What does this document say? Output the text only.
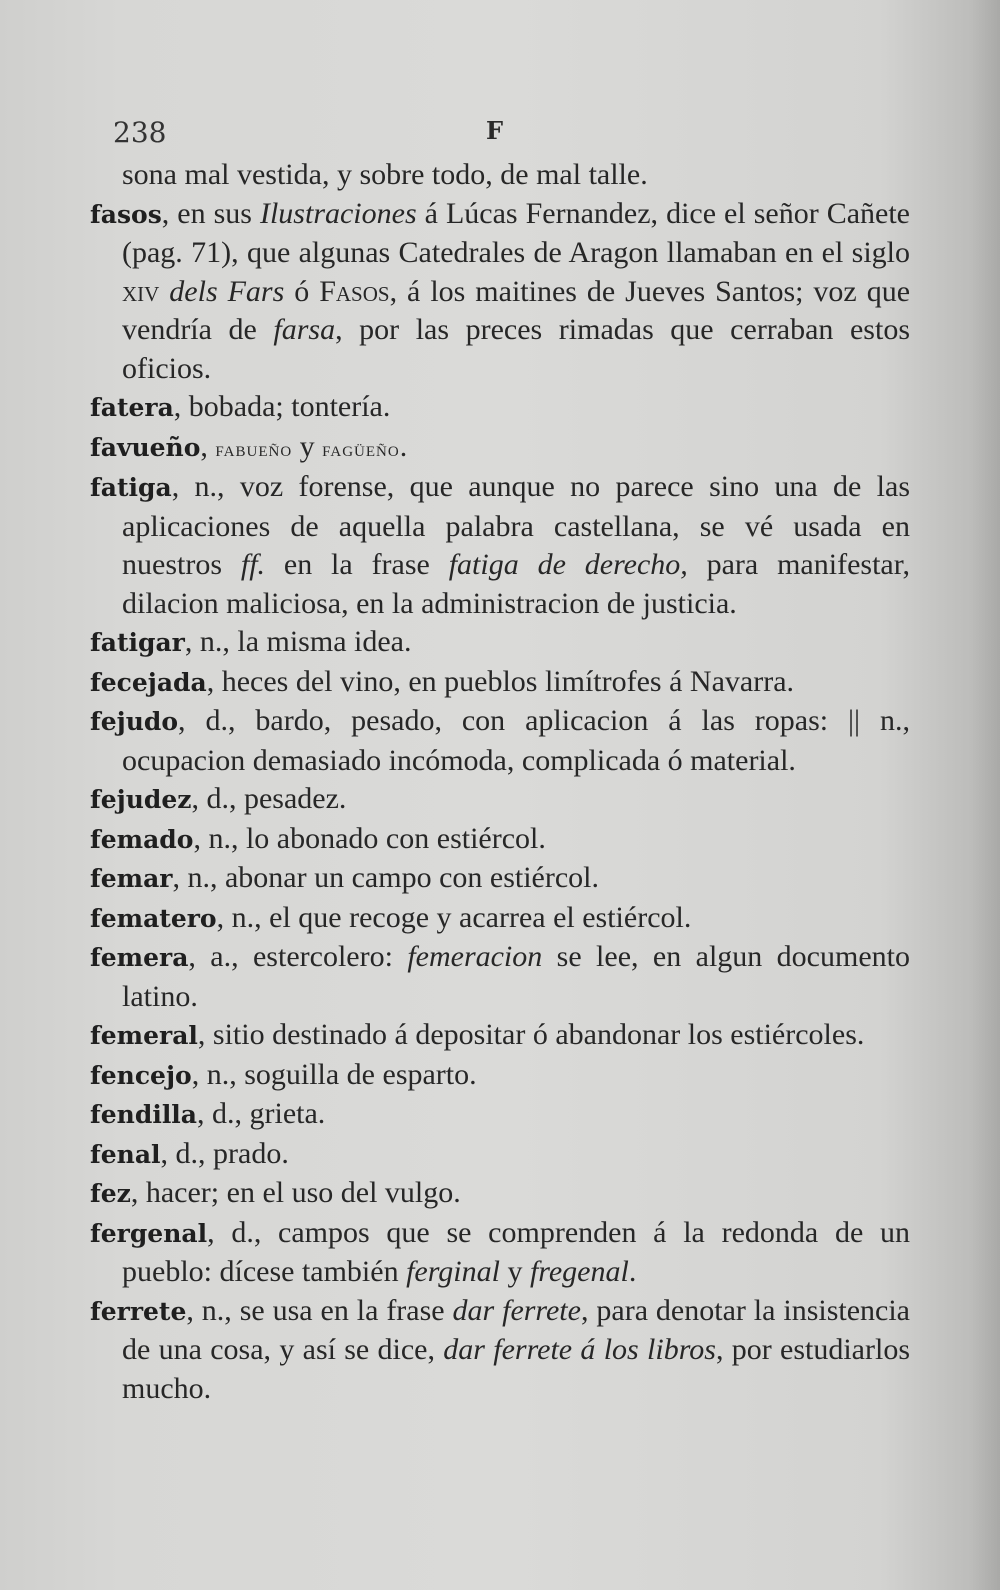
238	F

sona mal vestida, y sobre todo, de mal talle.

fasos, en sus Ilustraciones á Lúcas Fernandez, dice el señor Cañete (pag. 71), que algunas Catedrales de Aragon llamaban en el siglo xiv dels Fars ó Fasos, á los maitines de Jueves Santos; voz que vendría de farsa, por las preces rimadas que cerraban estos oficios.

fatera, bobada; tontería.

favueño, fabueño y fagüeño.

fatiga, n., voz forense, que aunque no parece sino una de las aplicaciones de aquella palabra castellana, se vé usada en nuestros ff. en la frase fatiga de derecho, para manifestar, dilacion maliciosa, en la administracion de justicia.

fatigar, n., la misma idea.

fecejada, heces del vino, en pueblos limítrofes á Navarra.

fejudo, d., bardo, pesado, con aplicacion á las ropas: || n., ocupacion demasiado incómoda, complicada ó material.

fejudez, d., pesadez.

femado, n., lo abonado con estiércol.

femar, n., abonar un campo con estiércol.

fematero, n., el que recoge y acarrea el estiércol.

femera, a., estercolero: femeracion se lee, en algun documento latino.

femeral, sitio destinado á depositar ó abandonar los estiércoles.

fencejo, n., soguilla de esparto.

fendilla, d., grieta.

fenal, d., prado.

fez, hacer; en el uso del vulgo.

fergenal, d., campos que se comprenden á la redonda de un pueblo: dícese también ferginal y fregenal.

ferrete, n., se usa en la frase dar ferrete, para denotar la insistencia de una cosa, y así se dice, dar ferrete á los libros, por estudiarlos mucho.
